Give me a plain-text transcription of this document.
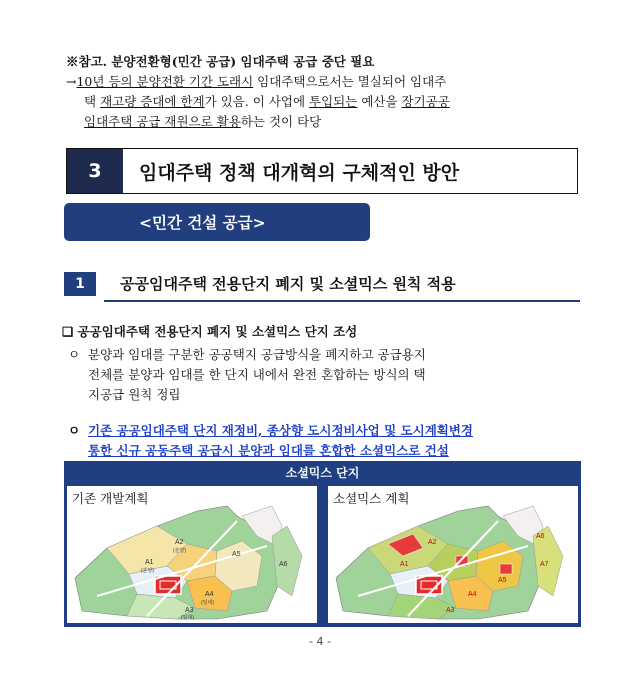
※참고. 분양전환형(민간 공급) 임대주택 공급 중단 필요
→10년 등의 분양전환 기간 도래시 임대주택으로서는 멸실되어 임대주
택 재고량 증대에 한계가 있음. 이 사업에 투입되는 예산을 장기공공
임대주택 공급 재원으로 활용하는 것이 타당
3	임대주택 정책 대개혁의 구체적인 방안
<민간 건설 공급>
1	공공임대주택 전용단지 폐지 및 소셜믹스 원칙 적용
❑ 공공임대주택 전용단지 폐지 및 소셜믹스 단지 조성
ㅇ 분양과 임대를 구분한 공공택지 공급방식을 폐지하고 공급용지
전체를 분양과 임대를 한 단지 내에서 완전 혼합하는 방식의 택
지공급 원칙 정립
ㅇ 기존 공공임대주택 단지 재정비, 종상향 도시정비사업 및 도시계획변경
통한 신규 공동주택 공급시 분양과 임대를 혼합한 소셜믹스로 건설
소셜믹스 단지
A2
(분양)
A1
(분양)
A4
(임대)
A3
(임대)
A5
A6
기존 개발계획
A2
A1
A3
A4
A5
A6
A7
소셜믹스 계획
- 4 -
